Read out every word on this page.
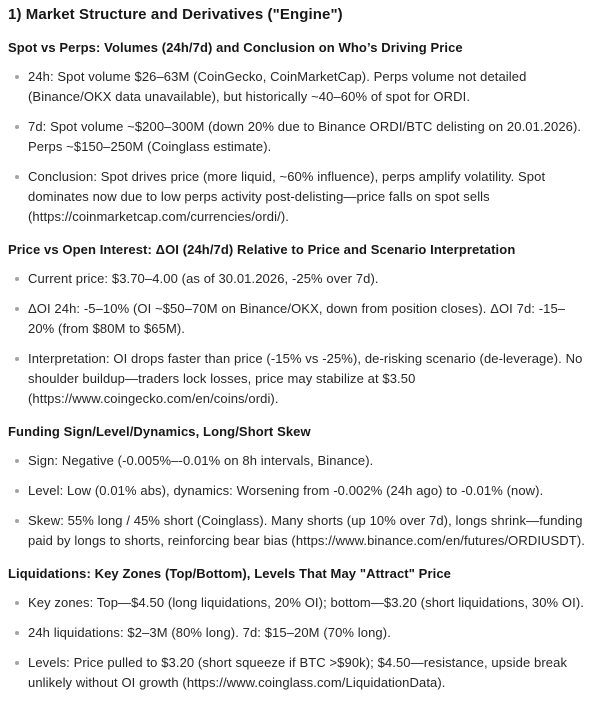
1) Market Structure and Derivatives ("Engine")
Spot vs Perps: Volumes (24h/7d) and Conclusion on Who’s Driving Price
24h: Spot volume $26–63M (CoinGecko, CoinMarketCap). Perps volume not detailed (Binance/OKX data unavailable), but historically ~40–60% of spot for ORDI.
7d: Spot volume ~$200–300M (down 20% due to Binance ORDI/BTC delisting on 20.01.2026). Perps ~$150–250M (Coinglass estimate).
Conclusion: Spot drives price (more liquid, ~60% influence), perps amplify volatility. Spot dominates now due to low perps activity post-delisting—price falls on spot sells (https://coinmarketcap.com/currencies/ordi/).
Price vs Open Interest: ΔOI (24h/7d) Relative to Price and Scenario Interpretation
Current price: $3.70–4.00 (as of 30.01.2026, -25% over 7d).
ΔOI 24h: -5–10% (OI ~$50–70M on Binance/OKX, down from position closes). ΔOI 7d: -15–20% (from $80M to $65M).
Interpretation: OI drops faster than price (-15% vs -25%), de-risking scenario (de-leverage). No shoulder buildup—traders lock losses, price may stabilize at $3.50 (https://www.coingecko.com/en/coins/ordi).
Funding Sign/Level/Dynamics, Long/Short Skew
Sign: Negative (-0.005%–-0.01% on 8h intervals, Binance).
Level: Low (0.01% abs), dynamics: Worsening from -0.002% (24h ago) to -0.01% (now).
Skew: 55% long / 45% short (Coinglass). Many shorts (up 10% over 7d), longs shrink—funding paid by longs to shorts, reinforcing bear bias (https://www.binance.com/en/futures/ORDIUSDT).
Liquidations: Key Zones (Top/Bottom), Levels That May "Attract" Price
Key zones: Top—$4.50 (long liquidations, 20% OI); bottom—$3.20 (short liquidations, 30% OI).
24h liquidations: $2–3M (80% long). 7d: $15–20M (70% long).
Levels: Price pulled to $3.20 (short squeeze if BTC >$90k); $4.50—resistance, upside break unlikely without OI growth (https://www.coinglass.com/LiquidationData).
